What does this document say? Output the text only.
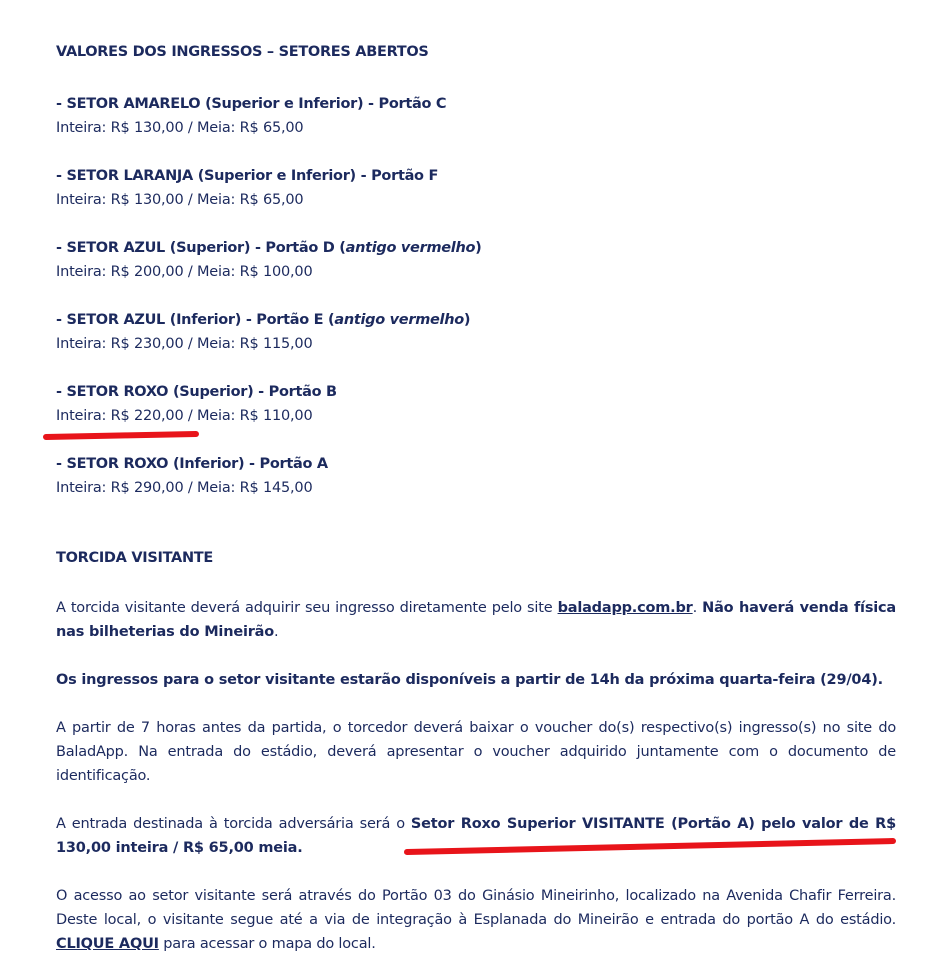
VALORES DOS INGRESSOS – SETORES ABERTOS
- SETOR AMARELO (Superior e Inferior) - Portão C
Inteira: R$ 130,00 / Meia: R$ 65,00
- SETOR LARANJA (Superior e Inferior) - Portão F
Inteira: R$ 130,00 / Meia: R$ 65,00
- SETOR AZUL (Superior) - Portão D (antigo vermelho)
Inteira: R$ 200,00 / Meia: R$ 100,00
- SETOR AZUL (Inferior) - Portão E (antigo vermelho)
Inteira: R$ 230,00 / Meia: R$ 115,00
- SETOR ROXO (Superior) - Portão B
Inteira: R$ 220,00 / Meia: R$ 110,00
- SETOR ROXO (Inferior) - Portão A
Inteira: R$ 290,00 / Meia: R$ 145,00
TORCIDA VISITANTE
A torcida visitante deverá adquirir seu ingresso diretamente pelo site baladapp.com.br. Não haverá venda física nas bilheterias do Mineirão.
Os ingressos para o setor visitante estarão disponíveis a partir de 14h da próxima quarta-feira (29/04).
A partir de 7 horas antes da partida, o torcedor deverá baixar o voucher do(s) respectivo(s) ingresso(s) no site do BaladApp. Na entrada do estádio, deverá apresentar o voucher adquirido juntamente com o documento de identificação.
A entrada destinada à torcida adversária será o Setor Roxo Superior VISITANTE (Portão A) pelo valor de R$ 130,00 inteira / R$ 65,00 meia.
O acesso ao setor visitante será através do Portão 03 do Ginásio Mineirinho, localizado na Avenida Chafir Ferreira. Deste local, o visitante segue até a via de integração à Esplanada do Mineirão e entrada do portão A do estádio. CLIQUE AQUI para acessar o mapa do local.
